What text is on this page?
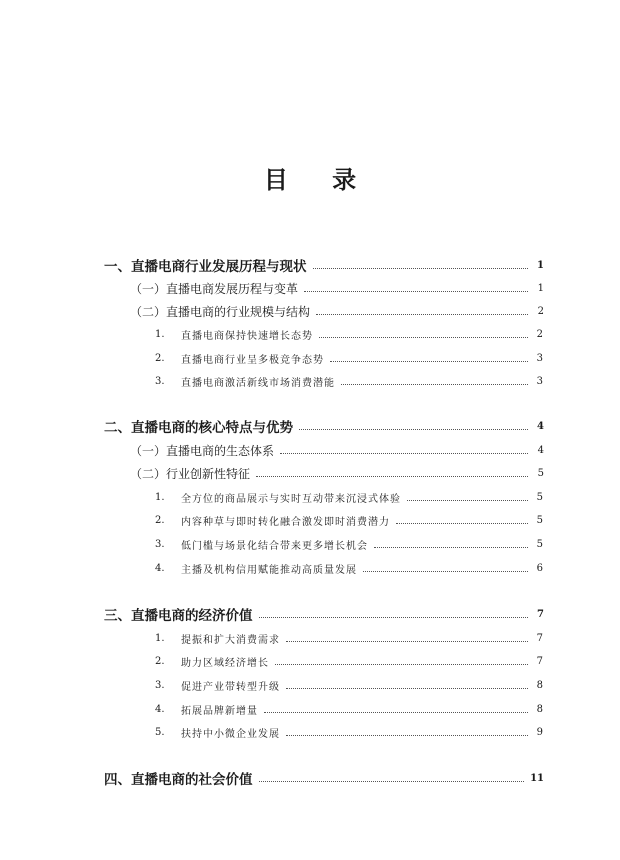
目 录
一、 直播电商行业发展历程与现状	1
（一） 直播电商发展历程与变革	1
（二） 直播电商的行业规模与结构	2
1.	直播电商保持快速增长态势	2
2.	直播电商行业呈多极竞争态势	3
3.	直播电商激活新线市场消费潜能	3
二、 直播电商的核心特点与优势	4
（一） 直播电商的生态体系	4
（二） 行业创新性特征	5
1.	全方位的商品展示与实时互动带来沉浸式体验	5
2.	内容种草与即时转化融合激发即时消费潜力	5
3.	低门槛与场景化结合带来更多增长机会	5
4.	主播及机构信用赋能推动高质量发展	6
三、 直播电商的经济价值	7
1.	提振和扩大消费需求	7
2.	助力区域经济增长	7
3.	促进产业带转型升级	8
4.	拓展品牌新增量	8
5.	扶持中小微企业发展	9
四、 直播电商的社会价值	11
